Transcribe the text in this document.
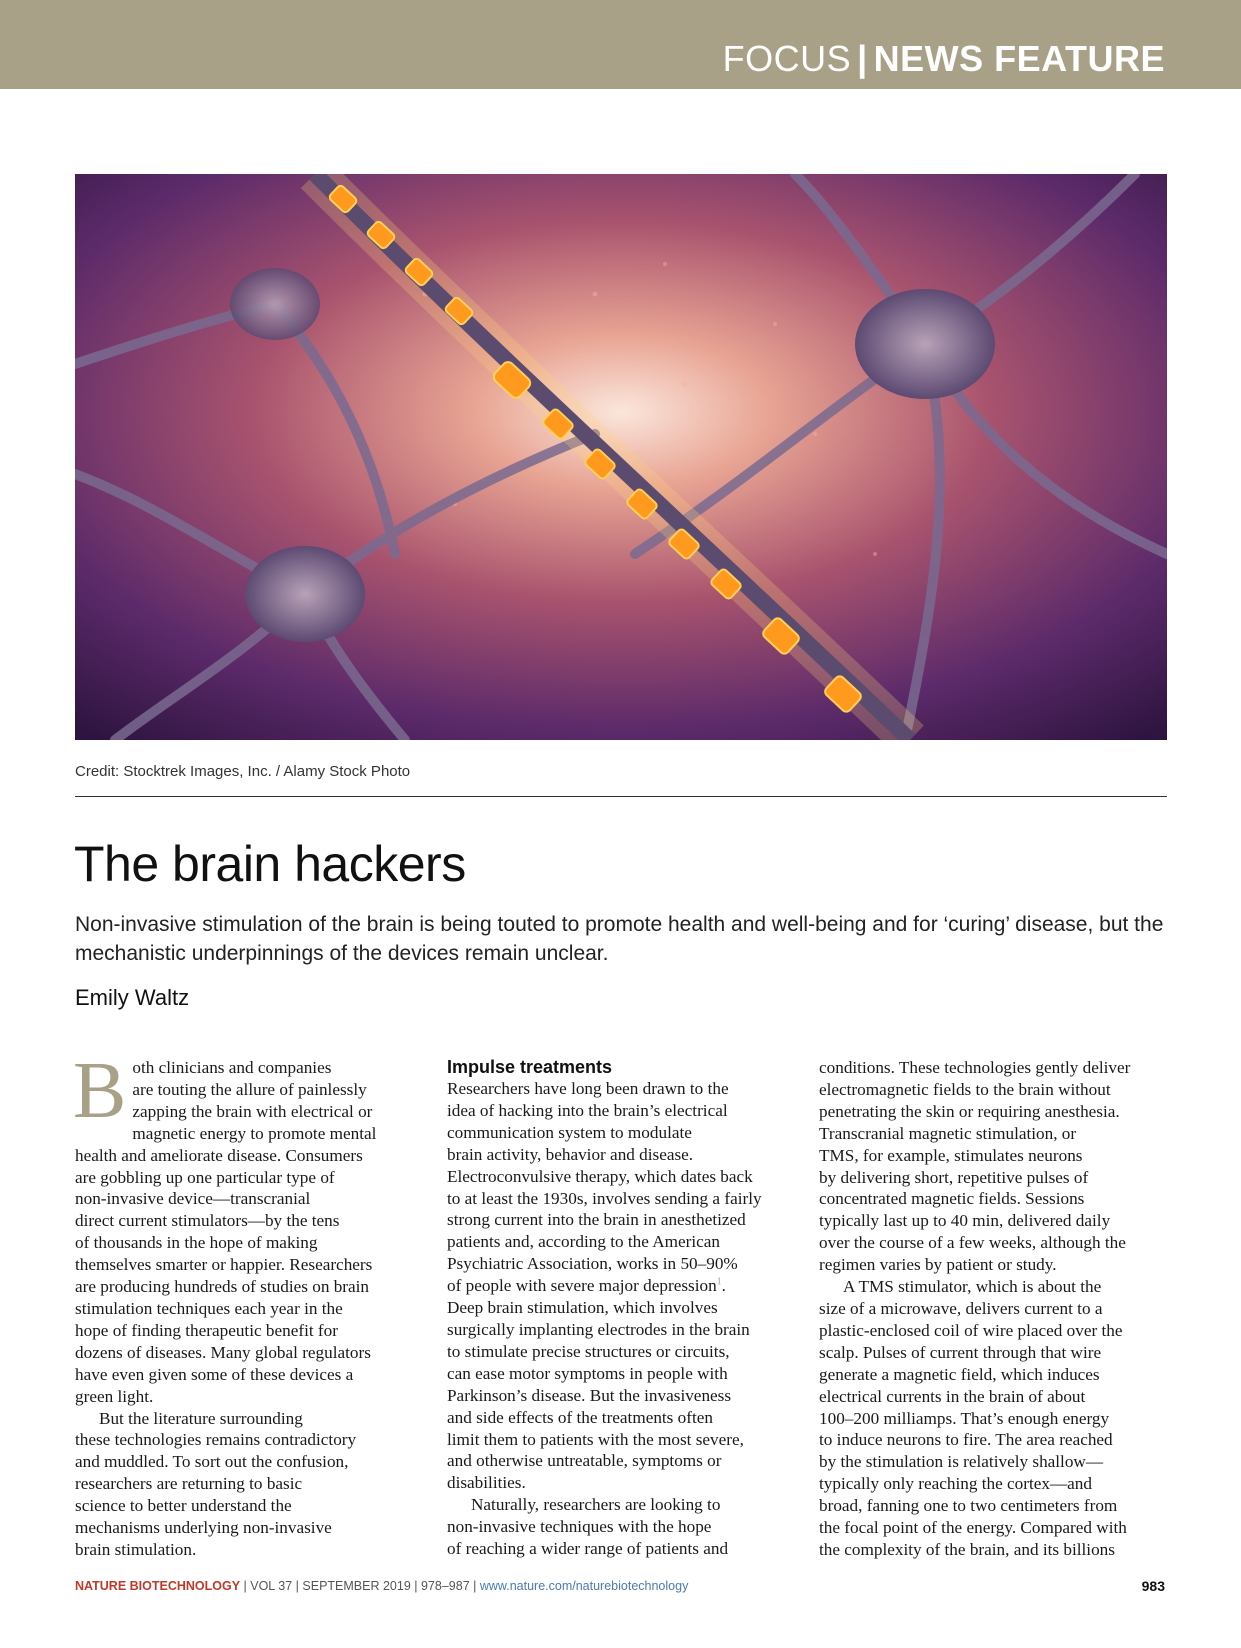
FOCUS | NEWS FEATURE
Credit: Stocktrek Images, Inc. / Alamy Stock Photo
The brain hackers

Non-invasive stimulation of the brain is being touted to promote health and well-being and for ‘curing’ disease, but the mechanistic underpinnings of the devices remain unclear.

Emily Waltz

Both clinicians and companies
are touting the allure of painlessly
zapping the brain with electrical or
magnetic energy to promote mental
health and ameliorate disease. Consumers
are gobbling up one particular type of
non-invasive device—transcranial
direct current stimulators—by the tens
of thousands in the hope of making
themselves smarter or happier. Researchers
are producing hundreds of studies on brain
stimulation techniques each year in the
hope of finding therapeutic benefit for
dozens of diseases. Many global regulators
have even given some of these devices a
green light.

But the literature surrounding
these technologies remains contradictory
and muddled. To sort out the confusion,
researchers are returning to basic
science to better understand the
mechanisms underlying non-invasive
brain stimulation.

Impulse treatments

Researchers have long been drawn to the
idea of hacking into the brain’s electrical
communication system to modulate
brain activity, behavior and disease.
Electroconvulsive therapy, which dates back
to at least the 1930s, involves sending a fairly
strong current into the brain in anesthetized
patients and, according to the American
Psychiatric Association, works in 50–90%
of people with severe major depression$^1$.
Deep brain stimulation, which involves
surgically implanting electrodes in the brain
to stimulate precise structures or circuits,
can ease motor symptoms in people with
Parkinson’s disease. But the invasiveness
and side effects of the treatments often
limit them to patients with the most severe,
and otherwise untreatable, symptoms or
disabilities.

Naturally, researchers are looking to
non-invasive techniques with the hope
of reaching a wider range of patients and

conditions. These technologies gently deliver
electromagnetic fields to the brain without
penetrating the skin or requiring anesthesia.
Transcranial magnetic stimulation, or
TMS, for example, stimulates neurons
by delivering short, repetitive pulses of
concentrated magnetic fields. Sessions
typically last up to 40 min, delivered daily
over the course of a few weeks, although the
regimen varies by patient or study.

A TMS stimulator, which is about the
size of a microwave, delivers current to a
plastic-enclosed coil of wire placed over the
scalp. Pulses of current through that wire
generate a magnetic field, which induces
electrical currents in the brain of about
100–200 milliamps. That’s enough energy
to induce neurons to fire. The area reached
by the stimulation is relatively shallow—
typically only reaching the cortex—and
broad, fanning one to two centimeters from
the focal point of the energy. Compared with
the complexity of the brain, and its billions

NATURE BIOTECHNOLOGY | VOL 37 | SEPTEMBER 2019 | 978–987 | www.nature.com/naturebiotechnology	983
